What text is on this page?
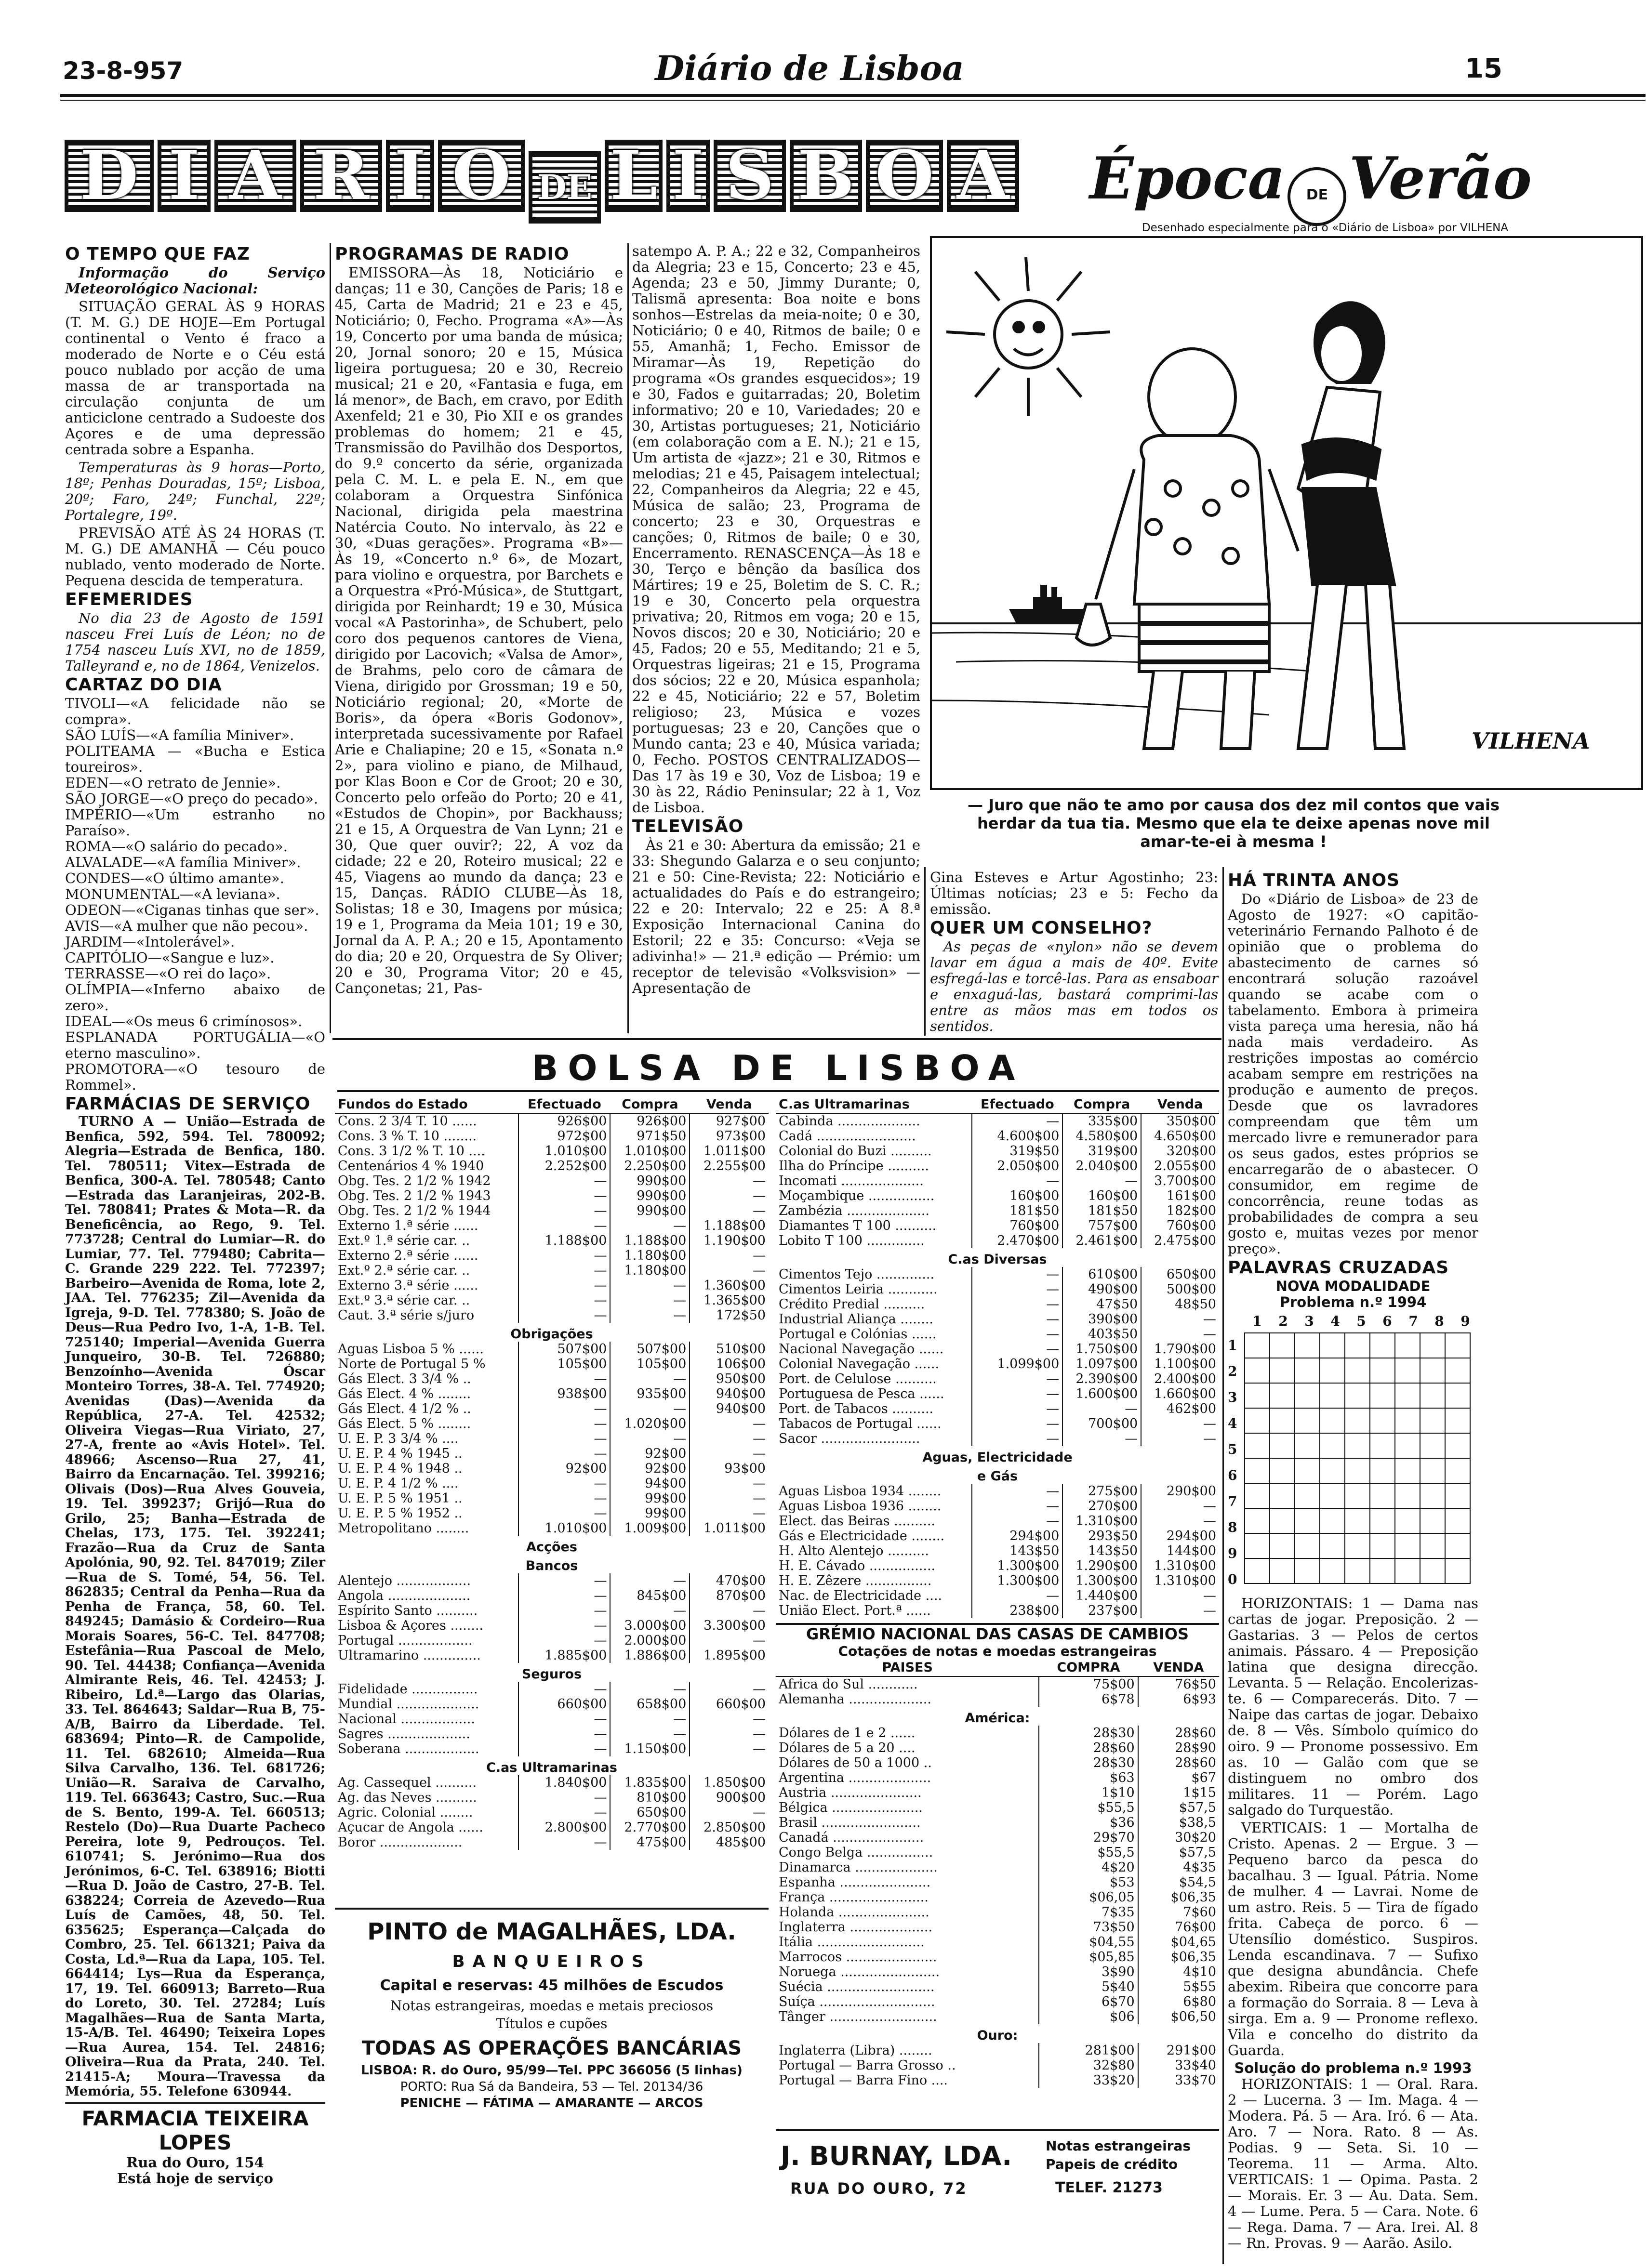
23-8-957	Diário de Lisboa	15
D I A R I O DE L I S B O A	Época	DE Verão
Desenhado especialmente para o «Diário de Lisboa» por VILHENA
VILHENA
— Juro que não te amo por causa dos dez mil contos que vais herdar da tua tia. Mesmo que ela te deixe apenas nove mil amar-te-ei à mesma !
O TEMPO QUE FAZ

Informação do Serviço Meteorológico Nacional:

SITUAÇÃO GERAL ÀS 9 HORAS (T. M. G.) DE HOJE—Em Portugal continental o Vento é fraco a moderado de Norte e o Céu está pouco nublado por acção de uma massa de ar transportada na circulação conjunta de um anticiclone centrado a Sudoeste dos Açores e de uma depressão centrada sobre a Espanha.

Temperaturas às 9 horas—Porto, 18º; Penhas Douradas, 15º; Lisboa, 20º; Faro, 24º; Funchal, 22º; Portalegre, 19º.

PREVISÃO ATÉ ÀS 24 HORAS (T. M. G.) DE AMANHÃ — Céu pouco nublado, vento moderado de Norte. Pequena descida de temperatura.

EFEMERIDES

No dia 23 de Agosto de 1591 nasceu Frei Luís de Léon; no de 1754 nasceu Luís XVI, no de 1859, Talleyrand e, no de 1864, Venizelos.

CARTAZ DO DIA
TIVOLI—«A felicidade não se compra».
SÃO LUÍS—«A família Miniver».
POLITEAMA — «Bucha e Estica toureiros».
EDEN—«O retrato de Jennie».
SÃO JORGE—«O preço do pecado».
IMPÉRIO—«Um estranho no Paraíso».
ROMA—«O salário do pecado».
ALVALADE—«A família Miniver».
CONDES—«O último amante».
MONUMENTAL—«A leviana».
ODEON—«Ciganas tinhas que ser».
AVIS—«A mulher que não pecou».
JARDIM—«Intolerável».
CAPITÓLIO—«Sangue e luz».
TERRASSE—«O rei do laço».
OLÍMPIA—«Inferno abaixo de zero».
IDEAL—«Os meus 6 crimínosos».
ESPLANADA PORTUGÁLIA—«O eterno masculino».
PROMOTORA—«O tesouro de Rommel».
FARMÁCIAS DE SERVIÇO

TURNO A — União—Estrada de Benfica, 592, 594. Tel. 780092; Alegria—Estrada de Benfica, 180. Tel. 780511; Vitex—Estrada de Benfica, 300-A. Tel. 780548; Canto—Estrada das Laranjeiras, 202-B. Tel. 780841; Prates & Mota—R. da Beneficência, ao Rego, 9. Tel. 773728; Central do Lumiar—R. do Lumiar, 77. Tel. 779480; Cabrita—C. Grande 229 222. Tel. 772397; Barbeiro—Avenida de Roma, lote 2, JAA. Tel. 776235; Zil—Avenida da Igreja, 9-D. Tel. 778380; S. João de Deus—Rua Pedro Ivo, 1-A, 1-B. Tel. 725140; Imperial—Avenida Guerra Junqueiro, 30-B. Tel. 726880; Benzoínho—Avenida Óscar Monteiro Torres, 38-A. Tel. 774920; Avenidas (Das)—Avenida da República, 27-A. Tel. 42532; Oliveira Viegas—Rua Viriato, 27, 27-A, frente ao «Avis Hotel». Tel. 48966; Ascenso—Rua 27, 41, Bairro da Encarnação. Tel. 399216; Olivais (Dos)—Rua Alves Gouveia, 19. Tel. 399237; Grijó—Rua do Grilo, 25; Banha—Estrada de Chelas, 173, 175. Tel. 392241; Frazão—Rua da Cruz de Santa Apolónia, 90, 92. Tel. 847019; Ziler—Rua de S. Tomé, 54, 56. Tel. 862835; Central da Penha—Rua da Penha de França, 58, 60. Tel. 849245; Damásio & Cordeiro—Rua Morais Soares, 56-C. Tel. 847708; Estefânia—Rua Pascoal de Melo, 90. Tel. 44438; Confiança—Avenida Almirante Reis, 46. Tel. 42453; J. Ribeiro, Ld.ª—Largo das Olarias, 33. Tel. 864643; Saldar—Rua B, 75-A/B, Bairro da Liberdade. Tel. 683694; Pinto—R. de Campolide, 11. Tel. 682610; Almeida—Rua Silva Carvalho, 136. Tel. 681726; União—R. Saraiva de Carvalho, 119. Tel. 663643; Castro, Suc.—Rua de S. Bento, 199-A. Tel. 660513; Restelo (Do)—Rua Duarte Pacheco Pereira, lote 9, Pedrouços. Tel. 610741; S. Jerónimo—Rua dos Jerónimos, 6-C. Tel. 638916; Biotti—Rua D. João de Castro, 27-B. Tel. 638224; Correia de Azevedo—Rua Luís de Camões, 48, 50. Tel. 635625; Esperança—Calçada do Combro, 25. Tel. 661321; Paiva da Costa, Ld.ª—Rua da Lapa, 105. Tel. 664414; Lys—Rua da Esperança, 17, 19. Tel. 660913; Barreto—Rua do Loreto, 30. Tel. 27284; Luís Magalhães—Rua de Santa Marta, 15-A/B. Tel. 46490; Teixeira Lopes—Rua Aurea, 154. Tel. 24816; Oliveira—Rua da Prata, 240. Tel. 21415-A; Moura—Travessa da Memória, 55. Telefone 630944.

FARMACIA TEIXEIRA LOPES
Rua do Ouro, 154
Está hoje de serviço
PROGRAMAS DE RADIO

EMISSORA—Às 18, Noticiário e danças; 11 e 30, Canções de Paris; 18 e 45, Carta de Madrid; 21 e 23 e 45, Noticiário; 0, Fecho. Programa «A»—Às 19, Concerto por uma banda de música; 20, Jornal sonoro; 20 e 15, Música ligeira portuguesa; 20 e 30, Recreio musical; 21 e 20, «Fantasia e fuga, em lá menor», de Bach, em cravo, por Edith Axenfeld; 21 e 30, Pio XII e os grandes problemas do homem; 21 e 45, Transmissão do Pavilhão dos Desportos, do 9.º concerto da série, organizada pela C. M. L. e pela E. N., em que colaboram a Orquestra Sinfónica Nacional, dirigida pela maestrina Natércia Couto. No intervalo, às 22 e 30, «Duas gerações». Programa «B»—Às 19, «Concerto n.º 6», de Mozart, para violino e orquestra, por Barchets e a Orquestra «Pró-Música», de Stuttgart, dirigida por Reinhardt; 19 e 30, Música vocal «A Pastorinha», de Schubert, pelo coro dos pequenos cantores de Viena, dirigido por Lacovich; «Valsa de Amor», de Brahms, pelo coro de câmara de Viena, dirigido por Grossman; 19 e 50, Noticiário regional; 20, «Morte de Boris», da ópera «Boris Godonov», interpretada sucessivamente por Rafael Arie e Chaliapine; 20 e 15, «Sonata n.º 2», para violino e piano, de Milhaud, por Klas Boon e Cor de Groot; 20 e 30, Concerto pelo orfeão do Porto; 20 e 41, «Estudos de Chopin», por Backhauss; 21 e 15, A Orquestra de Van Lynn; 21 e 30, Que quer ouvir?; 22, A voz da cidade; 22 e 20, Roteiro musical; 22 e 45, Viagens ao mundo da dança; 23 e 15, Danças. RÁDIO CLUBE—Às 18, Solistas; 18 e 30, Imagens por música; 19 e 1, Programa da Meia 101; 19 e 30, Jornal da A. P. A.; 20 e 15, Apontamento do dia; 20 e 20, Orquestra de Sy Oliver; 20 e 30, Programa Vitor; 20 e 45, Cançonetas; 21, Pas-

satempo A. P. A.; 22 e 32, Companheiros da Alegria; 23 e 15, Concerto; 23 e 45, Agenda; 23 e 50, Jimmy Durante; 0, Talismã apresenta: Boa noite e bons sonhos—Estrelas da meia-noite; 0 e 30, Noticiário; 0 e 40, Ritmos de baile; 0 e 55, Amanhã; 1, Fecho. Emissor de Miramar—Às 19, Repetição do programa «Os grandes esquecidos»; 19 e 30, Fados e guitarradas; 20, Boletim informativo; 20 e 10, Variedades; 20 e 30, Artistas portugueses; 21, Noticiário (em colaboração com a E. N.); 21 e 15, Um artista de «jazz»; 21 e 30, Ritmos e melodias; 21 e 45, Paisagem intelectual; 22, Companheiros da Alegria; 22 e 45, Música de salão; 23, Programa de concerto; 23 e 30, Orquestras e canções; 0, Ritmos de baile; 0 e 30, Encerramento. RENASCENÇA—Às 18 e 30, Terço e bênção da basílica dos Mártires; 19 e 25, Boletim de S. C. R.; 19 e 30, Concerto pela orquestra privativa; 20, Ritmos em voga; 20 e 15, Novos discos; 20 e 30, Noticiário; 20 e 45, Fados; 20 e 55, Meditando; 21 e 5, Orquestras ligeiras; 21 e 15, Programa dos sócios; 22 e 20, Música espanhola; 22 e 45, Noticiário; 22 e 57, Boletim religioso; 23, Música e vozes portuguesas; 23 e 20, Canções que o Mundo canta; 23 e 40, Música variada; 0, Fecho. POSTOS CENTRALIZADOS—Das 17 às 19 e 30, Voz de Lisboa; 19 e 30 às 22, Rádio Peninsular; 22 à 1, Voz de Lisboa.

TELEVISÃO

Às 21 e 30: Abertura da emissão; 21 e 33: Shegundo Galarza e o seu conjunto; 21 e 50: Cine-Revista; 22: Noticiário e actualidades do País e do estrangeiro; 22 e 20: Intervalo; 22 e 25: A 8.ª Exposição Internacional Canina do Estoril; 22 e 35: Concurso: «Veja se adivinha!» — 21.ª edição — Prémio: um receptor de televisão «Volksvision» — Apresentação de

Gina Esteves e Artur Agostinho; 23: Últimas notícias; 23 e 5: Fecho da emissão.

QUER UM CONSELHO?

As peças de «nylon» não se devem lavar em água a mais de 40º. Evite esfregá-las e torcê-las. Para as ensaboar e enxaguá-las, bastará comprimi-las entre as mãos mas em todos os sentidos.

HÁ TRINTA ANOS

Do «Diário de Lisboa» de 23 de Agosto de 1927: «O capitão-veterinário Fernando Palhoto é de opinião que o problema do abastecimento de carnes só encontrará solução razoável quando se acabe com o tabelamento. Embora à primeira vista pareça uma heresia, não há nada mais verdadeiro. As restrições impostas ao comércio acabam sempre em restrições na produção e aumento de preços. Desde que os lavradores compreendam que têm um mercado livre e remunerador para os seus gados, estes próprios se encarregarão de o abastecer. O consumidor, em regime de concorrência, reune todas as probabilidades de compra a seu gosto e, muitas vezes por menor preço».

PALAVRAS CRUZADAS
NOVA MODALIDADE
Problema n.º 1994
1
2
3
4
5
6
7
8
9
0
1	2	3	4	5	6	7	8	9

HORIZONTAIS: 1 — Dama nas cartas de jogar. Preposição. 2 — Gastarias. 3 — Pelos de certos animais. Pássaro. 4 — Preposição latina que designa direcção. Levanta. 5 — Relação. Encolerizas-te. 6 — Comparecerás. Dito. 7 — Naipe das cartas de jogar. Debaixo de. 8 — Vês. Símbolo químico do oiro. 9 — Pronome possessivo. Em as. 10 — Galão com que se distinguem no ombro dos militares. 11 — Porém. Lago salgado do Turquestão.

VERTICAIS: 1 — Mortalha de Cristo. Apenas. 2 — Ergue. 3 — Pequeno barco da pesca do bacalhau. 3 — Igual. Pátria. Nome de mulher. 4 — Lavrai. Nome de um astro. Reis. 5 — Tira de fígado frita. Cabeça de porco. 6 — Utensílio doméstico. Suspiros. Lenda escandinava. 7 — Sufixo que designa abundância. Chefe abexim. Ribeira que concorre para a formação do Sorraia. 8 — Leva à sirga. Em a. 9 — Pronome reflexo. Vila e concelho do distrito da Guarda.

Solução do problema n.º 1993

HORIZONTAIS: 1 — Oral. Rara. 2 — Lucerna. 3 — Im. Maga. 4 — Modera. Pá. 5 — Ara. Iró. 6 — Ata. Aro. 7 — Nora. Rato. 8 — As. Podias. 9 — Seta. Si. 10 — Teorema. 11 — Arma. Alto. VERTICAIS: 1 — Opima. Pasta. 2 — Morais. Er. 3 — Au. Data. Sem. 4 — Lume. Pera. 5 — Cara. Note. 6 — Rega. Dama. 7 — Ara. Irei. Al. 8 — Rn. Provas. 9 — Aarão. Asilo.

BOLSA DE LISBOA
Fundos do Estado	Efectuado	Compra	Venda
Cons. 2 3/4 T. 10 ......	926$00	926$00	927$00
Cons. 3 % T. 10 ........	972$00	971$50	973$00
Cons. 3 1/2 % T. 10 ....	1.010$00	1.010$00	1.011$00
Centenários 4 % 1940	2.252$00	2.250$00	2.255$00
Obg. Tes. 2 1/2 % 1942	—	990$00	—
Obg. Tes. 2 1/2 % 1943	—	990$00	—
Obg. Tes. 2 1/2 % 1944	—	990$00	—
Externo 1.ª série ......	—	—	1.188$00
Ext.º 1.ª série car. ..	1.188$00	1.188$00	1.190$00
Externo 2.ª série ......	—	1.180$00	—
Ext.º 2.ª série car. ..	—	1.180$00	—
Externo 3.ª série ......	—	—	1.360$00
Ext.º 3.ª série car. ..	—	—	1.365$00
Caut. 3.ª série s/juro	—	—	172$50
Obrigações			
Aguas Lisboa 5 % ......	507$00	507$00	510$00
Norte de Portugal 5 %	105$00	105$00	106$00
Gás Elect. 3 3/4 % ..	—	—	950$00
Gás Elect. 4 % ........	938$00	935$00	940$00
Gás Elect. 4 1/2 % ..	—	—	940$00
Gás Elect. 5 % ........	—	1.020$00	—
U. E. P. 3 3/4 % ....	—	—	—
U. E. P. 4 % 1945 ..	—	92$00	—
U. E. P. 4 % 1948 ..	92$00	92$00	93$00
U. E. P. 4 1/2 % ....	—	94$00	—
U. E. P. 5 % 1951 ..	—	99$00	—
U. E. P. 5 % 1952 ..	—	99$00	—
Metropolitano ........	1.010$00	1.009$00	1.011$00
Acções			
Bancos			
Alentejo ..................	—	—	470$00
Angola ....................	—	845$00	870$00
Espírito Santo ..........	—	—	—
Lisboa & Açores ........	—	3.000$00	3.300$00
Portugal ..................	—	2.000$00	—
Ultramarino ..............	1.885$00	1.886$00	1.895$00
Seguros			
Fidelidade ................	—	—	—
Mundial ....................	660$00	658$00	660$00
Nacional ..................	—	—	—
Sagres ....................	—	—	—
Soberana ..................	—	1.150$00	—
C.as Ultramarinas			
Ag. Cassequel ..........	1.840$00	1.835$00	1.850$00
Ag. das Neves ..........	—	810$00	900$00
Agric. Colonial ........	—	650$00	—
Açucar de Angola ......	2.800$00	2.770$00	2.850$00
Boror ....................	—	475$00	485$00
C.as Ultramarinas	Efectuado	Compra	Venda
Cabinda ....................	—	335$00	350$00
Cadá ........................	4.600$00	4.580$00	4.650$00
Colonial do Buzi ..........	319$50	319$00	320$00
Ilha do Príncipe ..........	2.050$00	2.040$00	2.055$00
Incomati ....................	—	—	3.700$00
Moçambique ................	160$00	160$00	161$00
Zambézia ....................	181$50	181$50	182$00
Diamantes T 100 ..........	760$00	757$00	760$00
Lobito T 100 ..............	2.470$00	2.461$00	2.475$00
C.as Diversas			
Cimentos Tejo ..............	—	610$00	650$00
Cimentos Leiria ............	—	490$00	500$00
Crédito Predial ..........	—	47$50	48$50
Industrial Aliança ........	—	390$00	—
Portugal e Colónias ......	—	403$50	—
Nacional Navegação ......	—	1.750$00	1.790$00
Colonial Navegação ......	1.099$00	1.097$00	1.100$00
Port. de Celulose ..........	—	2.390$00	2.400$00
Portuguesa de Pesca ......	—	1.600$00	1.660$00
Port. de Tabacos ..........	—	—	462$00
Tabacos de Portugal ......	—	700$00	—
Sacor ........................	—	—	—
Aguas, Electricidade			
e Gás			
Aguas Lisboa 1934 ........	—	275$00	290$00
Aguas Lisboa 1936 ........	—	270$00	—
Elect. das Beiras ..........	—	1.310$00	—
Gás e Electricidade ........	294$00	293$50	294$00
H. Alto Alentejo ..........	143$50	143$50	144$00
H. E. Cávado ................	1.300$00	1.290$00	1.310$00
H. E. Zêzere ................	1.300$00	1.300$00	1.310$00
Nac. de Electricidade ....	—	1.440$00	—
União Elect. Port.ª ......	238$00	237$00	—
GRÉMIO NACIONAL DAS CASAS DE CAMBIOS
Cotações de notas e moedas estrangeiras
PAISES	COMPRA	VENDA
Africa do Sul ............	75$00	76$50
Alemanha ....................	6$78	6$93
América:		
Dólares de 1 e 2 ......	28$30	28$60
Dólares de 5 a 20 ....	28$60	28$90
Dólares de 50 a 1000 ..	28$30	28$60
Argentina ....................	$63	$67
Austria ......................	1$10	1$15
Bélgica ......................	$55,5	$57,5
Brasil ........................	$36	$38,5
Canadá ......................	29$70	30$20
Congo Belga ................	$55,5	$57,5
Dinamarca ....................	4$20	4$35
Espanha ......................	$53	$54,5
França ........................	$06,05	$06,35
Holanda ......................	7$35	7$60
Inglaterra ....................	73$50	76$00
Itália ..........................	$04,55	$04,65
Marrocos ......................	$05,85	$06,35
Noruega ........................	3$90	4$10
Suécia ..........................	5$40	5$55
Suíça ............................	6$70	6$80
Tânger ..........................	$06	$06,50
Ouro:		
Inglaterra (Libra) ........	281$00	291$00
Portugal — Barra Grosso ..	32$80	33$40
Portugal — Barra Fino ....	33$20	33$70
PINTO de MAGALHÃES, LDA.
BANQUEIROS
Capital e reservas: 45 milhões de Escudos
Notas estrangeiras, moedas e metais preciosos
Títulos e cupões
TODAS AS OPERAÇÕES BANCÁRIAS
LISBOA: R. do Ouro, 95/99—Tel. PPC 366056 (5 linhas)
PORTO: Rua Sá da Bandeira, 53 — Tel. 20134/36
PENICHE — FÁTIMA — AMARANTE — ARCOS
J. BURNAY, LDA.
RUA DO OURO, 72
Notas estrangeiras
Papeis de crédito
TELEF. 21273
